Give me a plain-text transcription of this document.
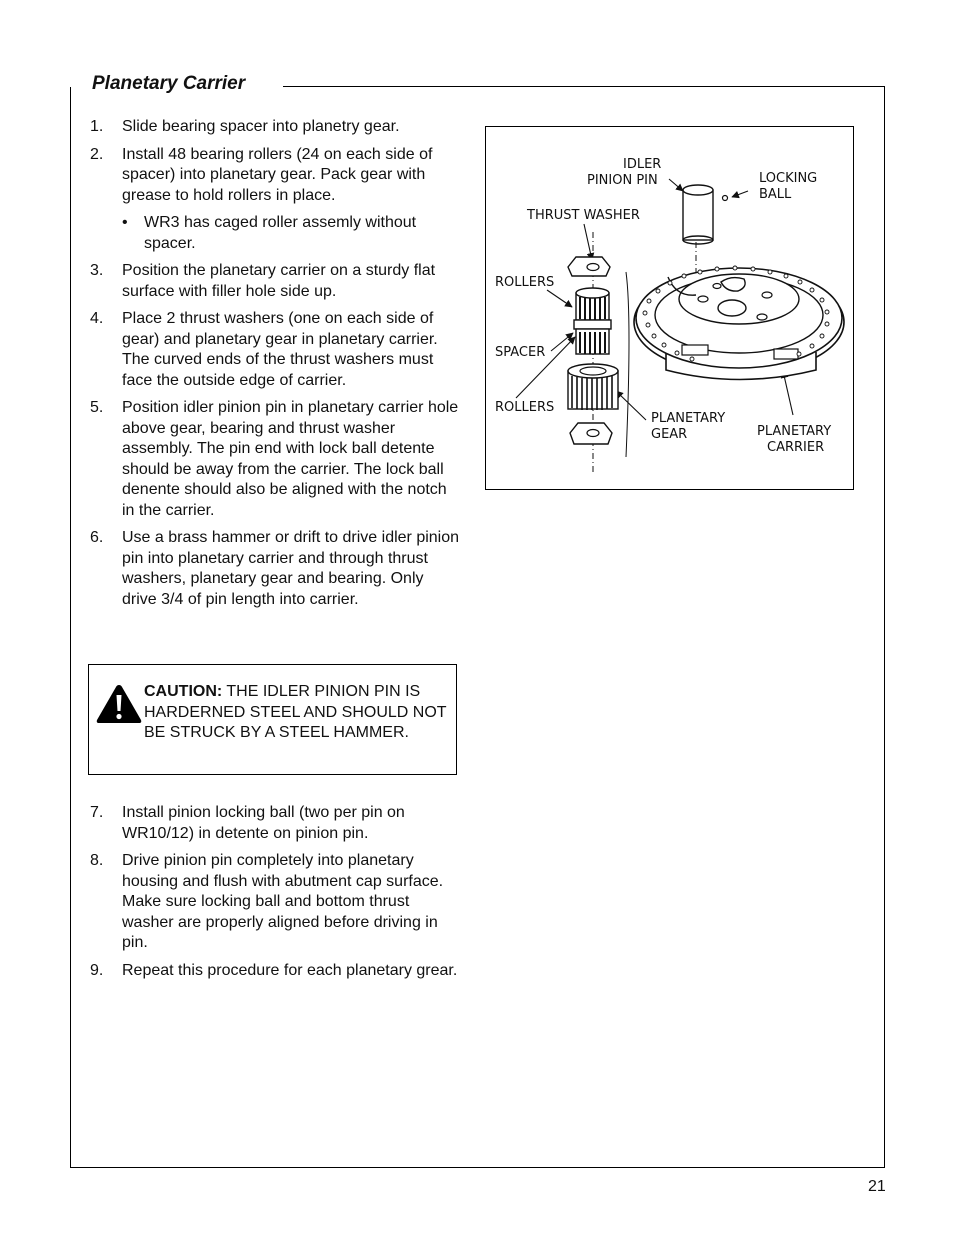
Planetary Carrier
1. Slide bearing spacer into planetry gear.
2. Install 48 bearing rollers (24 on each side of spacer) into planetary gear. Pack gear with grease to hold rollers in place.
• WR3 has caged roller assemly without spacer.
3. Position the planetary carrier on a sturdy flat surface with filler hole side up.
4. Place 2 thrust washers (one on each side of gear) and planetary gear in planetary carrier. The curved ends of the thrust washers must face the outside edge of carrier.
5. Position idler pinion pin in planetary carrier hole above gear, bearing and thrust washer assembly. The pin end with lock ball detente should be away from the carrier. The lock ball denente should also be aligned with the notch in the carrier.
6. Use a brass hammer or drift to drive idler pinion pin into planetary carrier and through thrust washers, planetary gear and bearing. Only drive 3/4 of pin length into carrier.
CAUTION: THE IDLER PINION PIN IS HARDERNED STEEL AND SHOULD NOT BE STRUCK BY A STEEL HAMMER.
7. Install pinion locking ball (two per pin on WR10/12) in detente on pinion pin.
8. Drive pinion pin completely into planetary housing and flush with abutment cap surface. Make sure locking ball and bottom thrust washer are properly aligned before driving in pin.
9. Repeat this procedure for each planetary grear.
IDLER
PINION PIN	LOCKING
BALL
THRUST WASHER
ROLLERS
SPACER
ROLLERS
PLANETARY
GEAR	PLANETARY
CARRIER
21
